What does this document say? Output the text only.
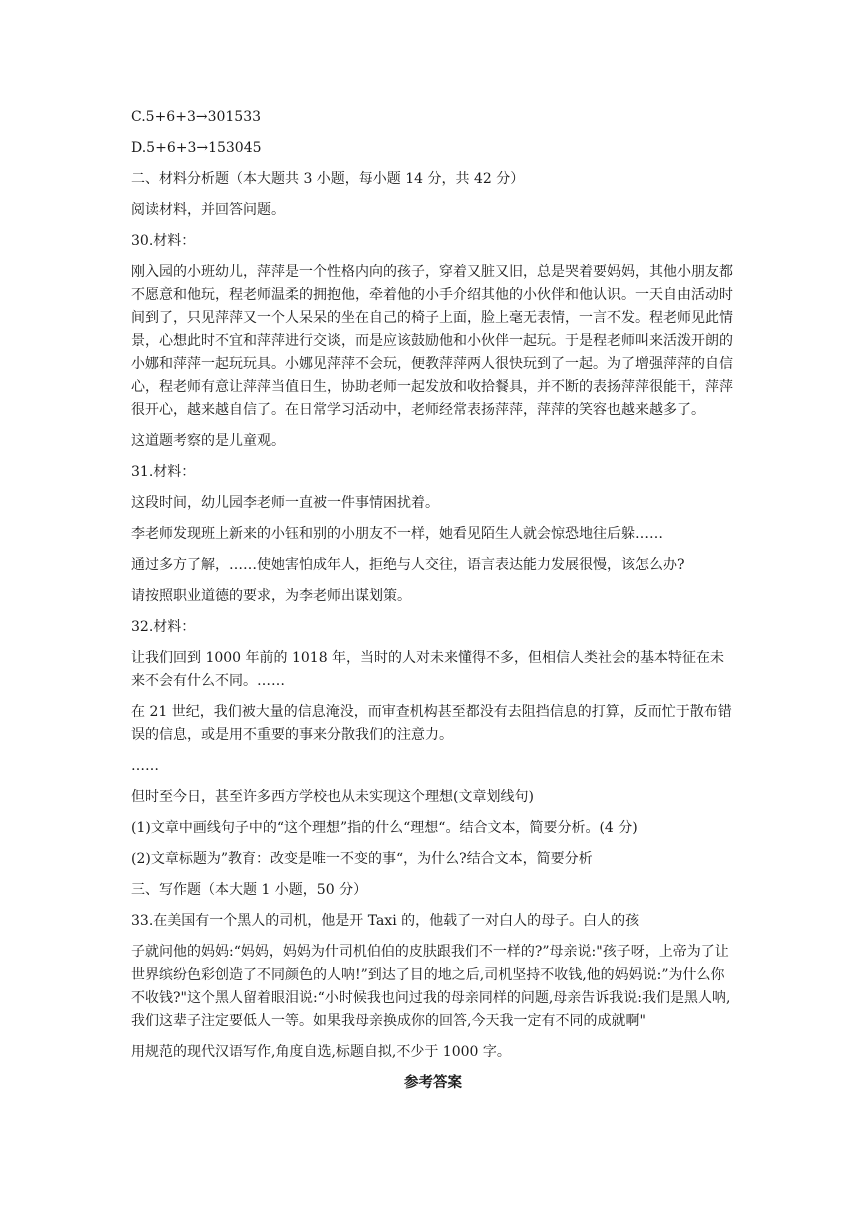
C.5+6+3→301533

D.5+6+3→153045

二、材料分析题（本大题共 3 小题，每小题 14 分，共 42 分）

阅读材料，并回答问题。

30.材料：

刚入园的小班幼儿，萍萍是一个性格内向的孩子，穿着又脏又旧，总是哭着要妈妈，其他小朋友都不愿意和他玩，程老师温柔的拥抱他，牵着他的小手介绍其他的小伙伴和他认识。一天自由活动时间到了，只见萍萍又一个人呆呆的坐在自己的椅子上面，脸上毫无表情，一言不发。程老师见此情景，心想此时不宜和萍萍进行交谈，而是应该鼓励他和小伙伴一起玩。于是程老师叫来活泼开朗的小娜和萍萍一起玩玩具。小娜见萍萍不会玩，便教萍萍两人很快玩到了一起。为了增强萍萍的自信心，程老师有意让萍萍当值日生，协助老师一起发放和收拾餐具，并不断的表扬萍萍很能干，萍萍很开心，越来越自信了。在日常学习活动中，老师经常表扬萍萍，萍萍的笑容也越来越多了。

这道题考察的是儿童观。

31.材料：

这段时间，幼儿园李老师一直被一件事情困扰着。

李老师发现班上新来的小钰和别的小朋友不一样，她看见陌生人就会惊恐地往后躲……

通过多方了解，……使她害怕成年人，拒绝与人交往，语言表达能力发展很慢，该怎么办?

请按照职业道德的要求，为李老师出谋划策。

32.材料：

让我们回到 1000 年前的 1018 年，当时的人对未来懂得不多，但相信人类社会的基本特征在未来不会有什么不同。……

在 21 世纪，我们被大量的信息淹没，而审查机构甚至都没有去阻挡信息的打算，反而忙于散布错误的信息，或是用不重要的事来分散我们的注意力。

……

但时至今日，甚至许多西方学校也从未实现这个理想(文章划线句)

(1)文章中画线句子中的“这个理想”指的什么“理想“。结合文本，简要分析。(4 分)

(2)文章标题为”教育：改变是唯一不变的事“，为什么?结合文本，简要分析

三、写作题（本大题 1 小题，50 分）

33.在美国有一个黑人的司机，他是开 Taxi 的，他载了一对白人的母子。白人的孩

子就问他的妈妈:“妈妈，妈妈为什司机伯伯的皮肤跟我们不一样的?”母亲说:"孩子呀，上帝为了让世界缤纷色彩创造了不同颜色的人呐!”到达了目的地之后,司机坚持不收钱,他的妈妈说:”为什么你不收钱?"这个黑人留着眼泪说:“小时候我也问过我的母亲同样的问题,母亲告诉我说:我们是黑人呐,我们这辈子注定要低人一等。如果我母亲换成你的回答,今天我一定有不同的成就啊"

用规范的现代汉语写作,角度自选,标题自拟,不少于 1000 字。

参考答案
